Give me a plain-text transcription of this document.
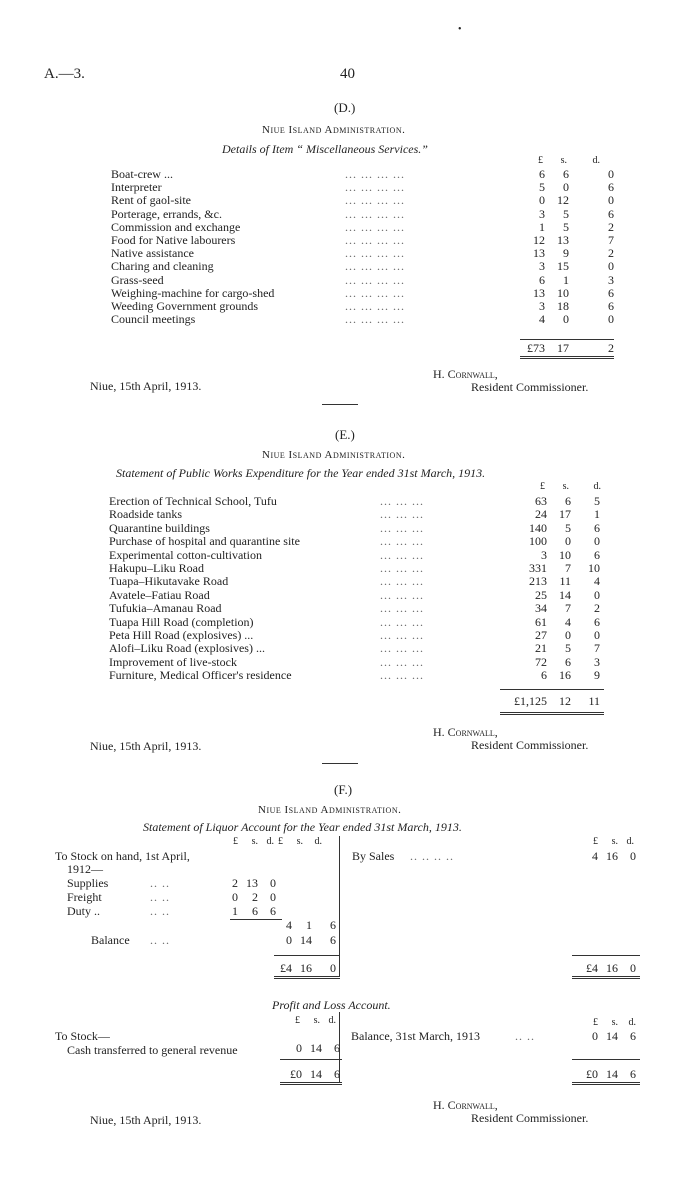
A.—3.	40
•
(D.)
Niue Island Administration.
Details of Item “ Miscellaneous Services.”
£	s.	d.
Boat-crew ...	... ... ... ...	6	6	0
Interpreter	... ... ... ...	5	0	6
Rent of gaol-site	... ... ... ...	0	12	0
Porterage, errands, &c.	... ... ... ...	3	5	6
Commission and exchange	... ... ... ...	1	5	2
Food for Native labourers	... ... ... ...	12	13	7
Native assistance	... ... ... ...	13	9	2
Charing and cleaning	... ... ... ...	3	15	0
Grass-seed	... ... ... ...	6	1	3
Weighing-machine for cargo-shed	... ... ... ...	13	10	6
Weeding Government grounds	... ... ... ...	3	18	6
Council meetings	... ... ... ...	4	0	0
£73	17	2
Niue, 15th April, 1913.
H. Cornwall,
Resident Commissioner.
(E.)
Niue Island Administration.
Statement of Public Works Expenditure for the Year ended 31st March, 1913.
£	s.	d.
Erection of Technical School, Tufu	... ... ...	63	6	5
Roadside tanks	... ... ...	24	17	1
Quarantine buildings	... ... ...	140	5	6
Purchase of hospital and quarantine site	... ... ...	100	0	0
Experimental cotton-cultivation	... ... ...	3	10	6
Hakupu–Liku Road	... ... ...	331	7 10
Tuapa–Hikutavake Road	... ... ...	213	11	4
Avatele–Fatiau Road	... ... ...	25	14	0
Tufukia–Amanau Road	... ... ...	34	7	2
Tuapa Hill Road (completion)	... ... ...	61	4	6
Peta Hill Road (explosives) ...	... ... ...	27	0	0
Alofi–Liku Road (explosives) ...	... ... ...	21	5	7
Improvement of live-stock	... ... ...	72	6	3
Furniture, Medical Officer's residence	... ... ...	6	16	9
£1,125	12 11
Niue, 15th April, 1913.
H. Cornwall,
Resident Commissioner.
(F.)
Niue Island Administration.
Statement of Liquor Account for the Year ended 31st March, 1913.
£	s. d. £	s.	d.	£	s. d.
To Stock on hand, 1st April,
1912—
Supplies	.. ..	2 13	0
Freight	.. ..	0	2	0
Duty ..	.. ..	1	6	6
4	1	6
Balance .. ..	0 14	6
£4 16	0
By Sales .. .. .. ..	4 16	0
£4 16	0
Profit and Loss Account.
£	s. d.	£	s.	d.
To Stock—
Cash transferred to general revenue	0 14	6
£0 14	6
Balance, 31st March, 1913	.. ..	0 14	6
£0 14	6
Niue, 15th April, 1913.
H. Cornwall,
Resident Commissioner.
